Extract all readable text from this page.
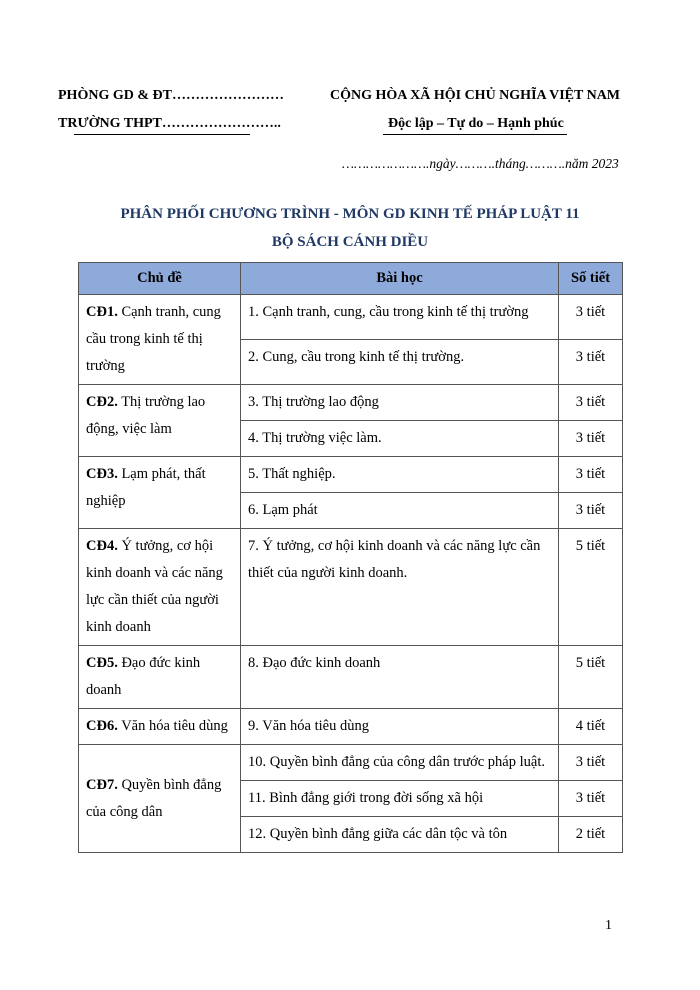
PHÒNG GD & ĐT……………………
TRƯỜNG THPT……………………..
CỘNG HÒA XÃ HỘI CHỦ NGHĨA VIỆT NAM
Độc lập – Tự do – Hạnh phúc
………………….ngày……….tháng……….năm 2023
PHÂN PHỐI CHƯƠNG TRÌNH - MÔN GD KINH TẾ PHÁP LUẬT 11
BỘ SÁCH CÁNH DIỀU
Chủ đề	Bài học	Số tiết
CĐ1. Cạnh tranh, cung cầu trong kinh tế thị trường	1. Cạnh tranh, cung, cầu trong kinh tế thị trường	3 tiết
	2. Cung, cầu trong kinh tế thị trường.	3 tiết
CĐ2. Thị trường lao động, việc làm	3. Thị trường lao động	3 tiết
	4. Thị trường việc làm.	3 tiết
CĐ3. Lạm phát, thất nghiệp	5. Thất nghiệp.	3 tiết
	6. Lạm phát	3 tiết
CĐ4. Ý tưởng, cơ hội kinh doanh và các năng lực cần thiết của người kinh doanh	7. Ý tưởng, cơ hội kinh doanh và các năng lực cần thiết của người kinh doanh.	5 tiết
CĐ5. Đạo đức kinh doanh	8. Đạo đức kinh doanh	5 tiết
CĐ6. Văn hóa tiêu dùng	9. Văn hóa tiêu dùng	4 tiết
CĐ7. Quyền bình đẳng của công dân	10. Quyền bình đẳng của công dân trước pháp luật.	3 tiết
	11. Bình đẳng giới trong đời sống xã hội	3 tiết
	12. Quyền bình đẳng giữa các dân tộc và tôn	2 tiết
1
